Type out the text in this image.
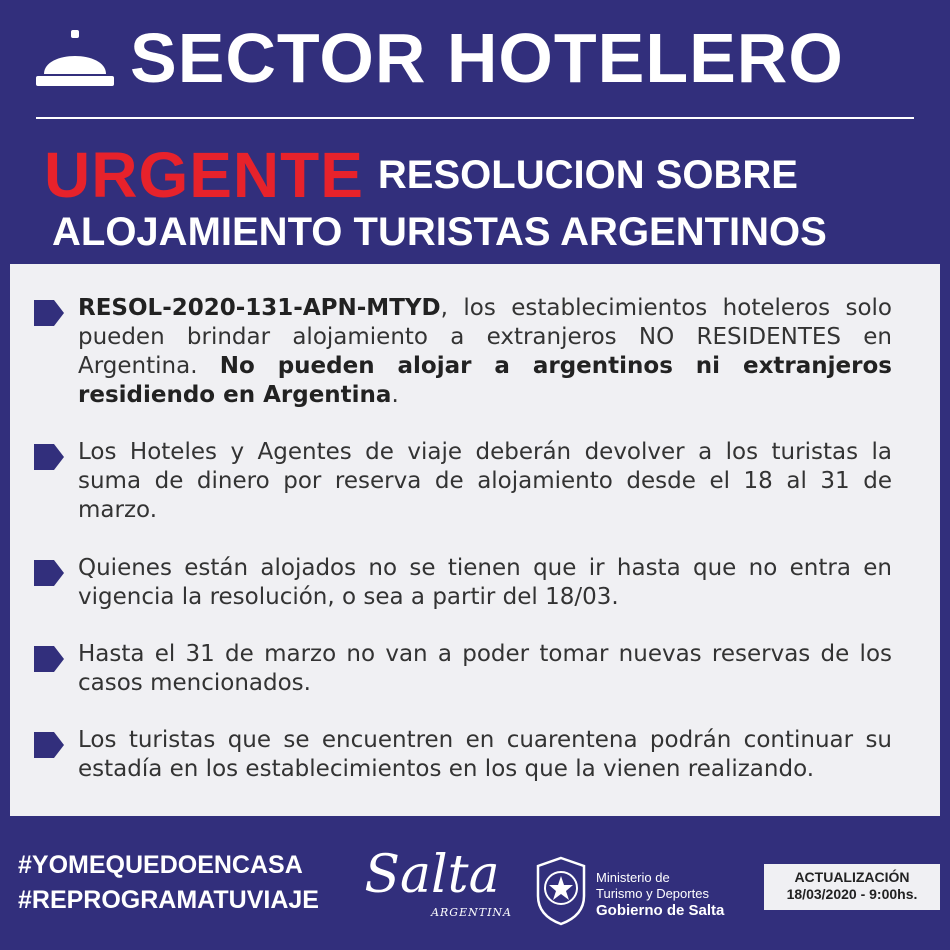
SECTOR HOTELERO
URGENTE RESOLUCION SOBRE
ALOJAMIENTO TURISTAS ARGENTINOS
RESOL-2020-131-APN-MTYD, los establecimientos hoteleros solo pueden brindar alojamiento a extranjeros NO RESIDENTES en Argentina. No pueden alojar a argentinos ni extranjeros residiendo en Argentina.
Los Hoteles y Agentes de viaje deberán devolver a los turistas la suma de dinero por reserva de alojamiento desde el 18 al 31 de marzo.
Quienes están alojados no se tienen que ir hasta que no entra en vigencia la resolución, o sea a partir del 18/03.
Hasta el 31 de marzo no van a poder tomar nuevas reservas de los casos mencionados.
Los turistas que se encuentren en cuarentena podrán continuar su estadía en los establecimientos en los que la vienen realizando.
#YOMEQUEDOENCASA
#REPROGRAMATUVIAJE Salta
ARGENTINA
Ministerio de
Turismo y Deportes
Gobierno de Salta
ACTUALIZACIÓN
18/03/2020 - 9:00hs.
